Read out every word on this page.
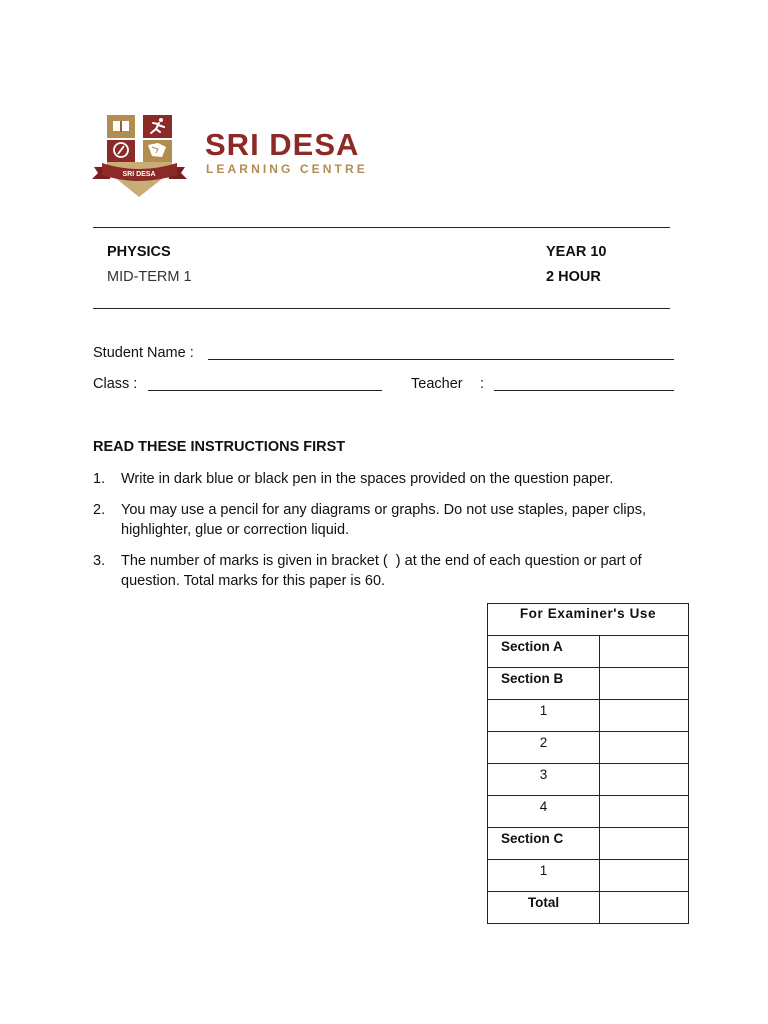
SRI DESA
SRI DESA
LEARNING CENTRE
PHYSICS
MID-TERM 1
YEAR 10
2 HOUR
Student Name :
Class :	Teacher :
READ THESE INSTRUCTIONS FIRST
1. Write in dark blue or black pen in the spaces provided on the question paper.
2. You may use a pencil for any diagrams or graphs. Do not use staples, paper clips, highlighter, glue or correction liquid.
3. The number of marks is given in bracket (  ) at the end of each question or part of question. Total marks for this paper is 60.
For Examiner's Use	
Section A	
Section B	
1	
2	
3	
4	
Section C	
1	
Total	
